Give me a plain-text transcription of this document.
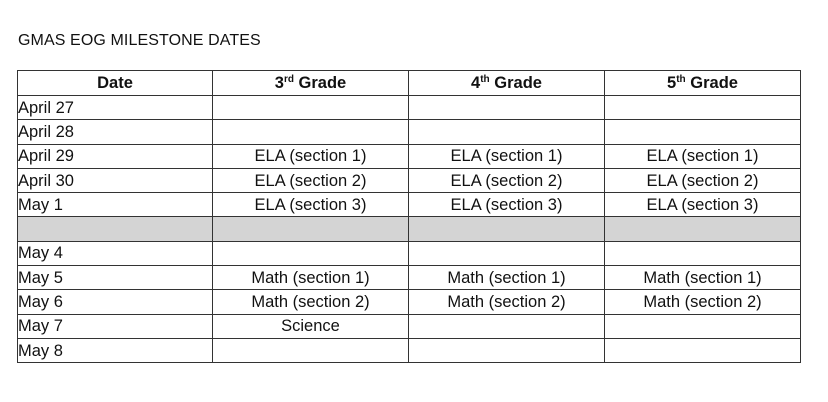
GMAS EOG MILESTONE DATES
Date	3rd Grade	4th Grade	5th Grade
April 27			
April 28			
April 29	ELA (section 1)	ELA (section 1)	ELA (section 1)
April 30	ELA (section 2)	ELA (section 2)	ELA (section 2)
May 1	ELA (section 3)	ELA (section 3)	ELA (section 3)

May 4			
May 5	Math (section 1)	Math (section 1)	Math (section 1)
May 6	Math (section 2)	Math (section 2)	Math (section 2)
May 7	Science		
May 8			
